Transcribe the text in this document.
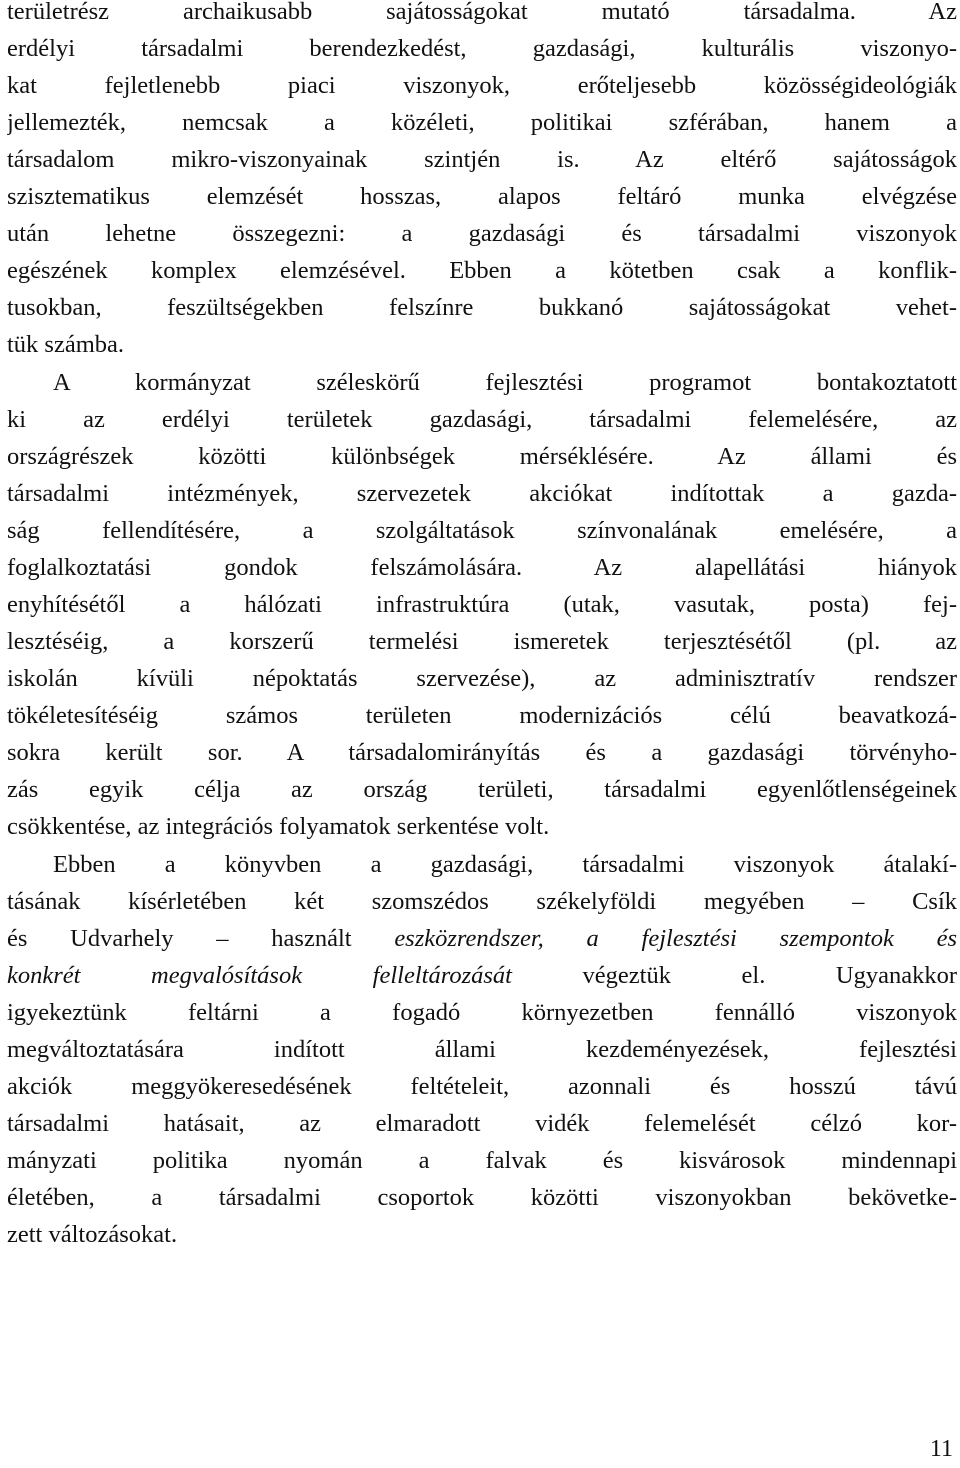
területrész archaikusabb sajátosságokat mutató társadalma. Az
erdélyi társadalmi berendezkedést, gazdasági, kulturális viszonyo-
kat fejletlenebb piaci viszonyok, erőteljesebb közösségideológiák
jellemezték, nemcsak a közéleti, politikai szférában, hanem a
társadalom mikro-viszonyainak szintjén is. Az eltérő sajátosságok
szisztematikus elemzését hosszas, alapos feltáró munka elvégzése
után lehetne összegezni: a gazdasági és társadalmi viszonyok
egészének komplex elemzésével. Ebben a kötetben csak a konflik-
tusokban, feszültségekben felszínre bukkanó sajátosságokat vehet-
tük számba.
A kormányzat széleskörű fejlesztési programot bontakoztatott
ki az erdélyi területek gazdasági, társadalmi felemelésére, az
országrészek közötti különbségek mérséklésére. Az állami és
társadalmi intézmények, szervezetek akciókat indítottak a gazda-
ság fellendítésére, a szolgáltatások színvonalának emelésére, a
foglalkoztatási gondok felszámolására. Az alapellátási hiányok
enyhítésétől a hálózati infrastruktúra (utak, vasutak, posta) fej-
lesztéséig, a korszerű termelési ismeretek terjesztésétől (pl. az
iskolán kívüli népoktatás szervezése), az adminisztratív rendszer
tökéletesítéséig számos területen modernizációs célú beavatkozá-
sokra került sor. A társadalomirányítás és a gazdasági törvényho-
zás egyik célja az ország területi, társadalmi egyenlőtlenségeinek
csökkentése, az integrációs folyamatok serkentése volt.
Ebben a könyvben a gazdasági, társadalmi viszonyok átalakí-
tásának kísérletében két szomszédos székelyföldi megyében – Csík
és Udvarhely – használt eszközrendszer, a fejlesztési szempontok és
konkrét megvalósítások felleltározását	végeztük el. Ugyanakkor
igyekeztünk feltárni a fogadó környezetben fennálló viszonyok
megváltoztatására indított állami kezdeményezések, fejlesztési
akciók meggyökeresedésének feltételeit, azonnali és hosszú távú
társadalmi hatásait, az elmaradott vidék felemelését célzó kor-
mányzati politika nyomán a falvak és kisvárosok mindennapi
életében, a társadalmi csoportok közötti viszonyokban bekövetke-
zett változásokat.
11
